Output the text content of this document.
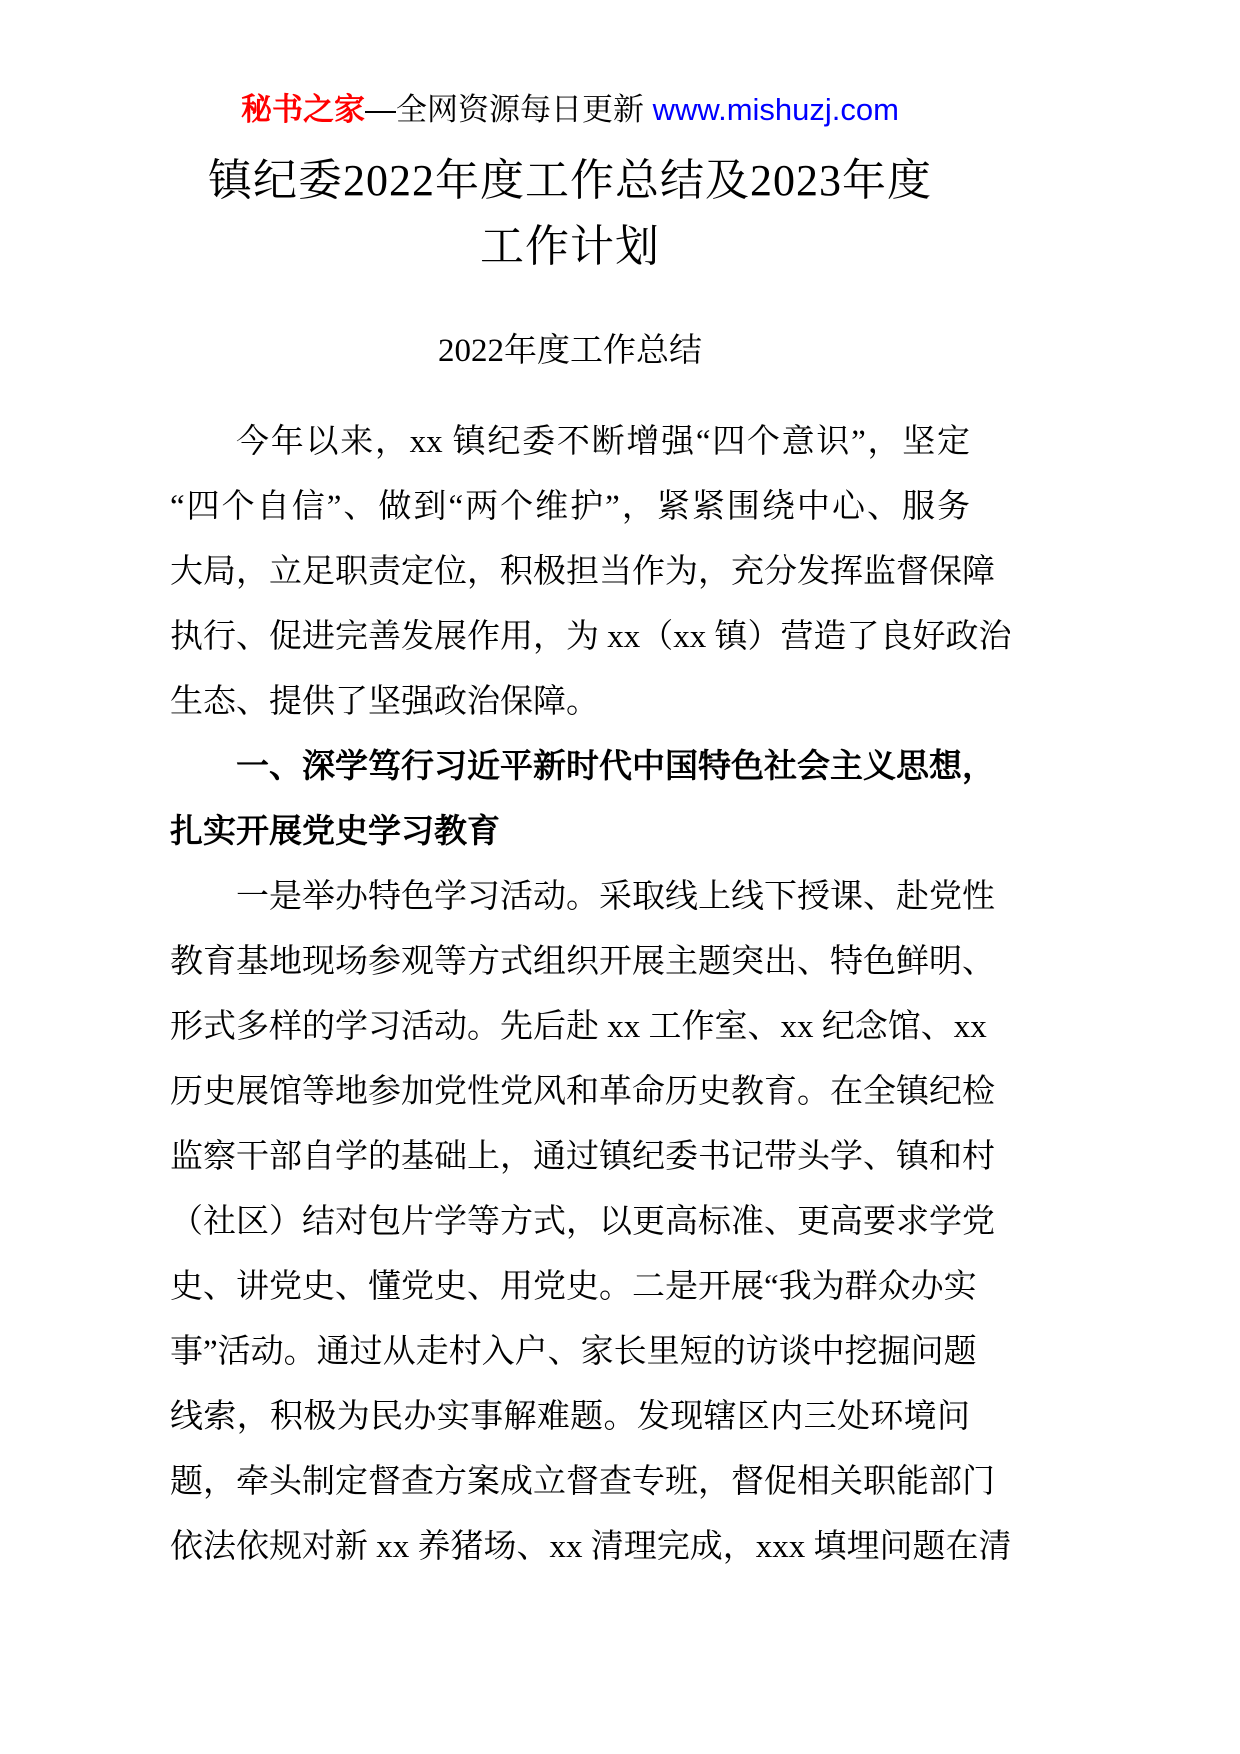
秘书之家—全网资源每日更新 www.mishuzj.com
镇纪委2022年度工作总结及2023年度
工作计划
2022年度工作总结
今年以来，xx 镇纪委不断增强“四个意识”，坚定
“四个自信”、做到“两个维护”，紧紧围绕中心、服务
大局，立足职责定位，积极担当作为，充分发挥监督保障
执行、促进完善发展作用，为 xx（xx 镇）营造了良好政治
生态、提供了坚强政治保障。
一、深学笃行习近平新时代中国特色社会主义思想，
扎实开展党史学习教育
一是举办特色学习活动。采取线上线下授课、赴党性
教育基地现场参观等方式组织开展主题突出、特色鲜明、
形式多样的学习活动。先后赴 xx 工作室、xx 纪念馆、xx
历史展馆等地参加党性党风和革命历史教育。在全镇纪检
监察干部自学的基础上，通过镇纪委书记带头学、镇和村
（社区）结对包片学等方式，以更高标准、更高要求学党
史、讲党史、懂党史、用党史。二是开展“我为群众办实
事”活动。通过从走村入户、家长里短的访谈中挖掘问题
线索，积极为民办实事解难题。发现辖区内三处环境问
题，牵头制定督查方案成立督查专班，督促相关职能部门
依法依规对新 xx 养猪场、xx 清理完成，xxx 填埋问题在清
